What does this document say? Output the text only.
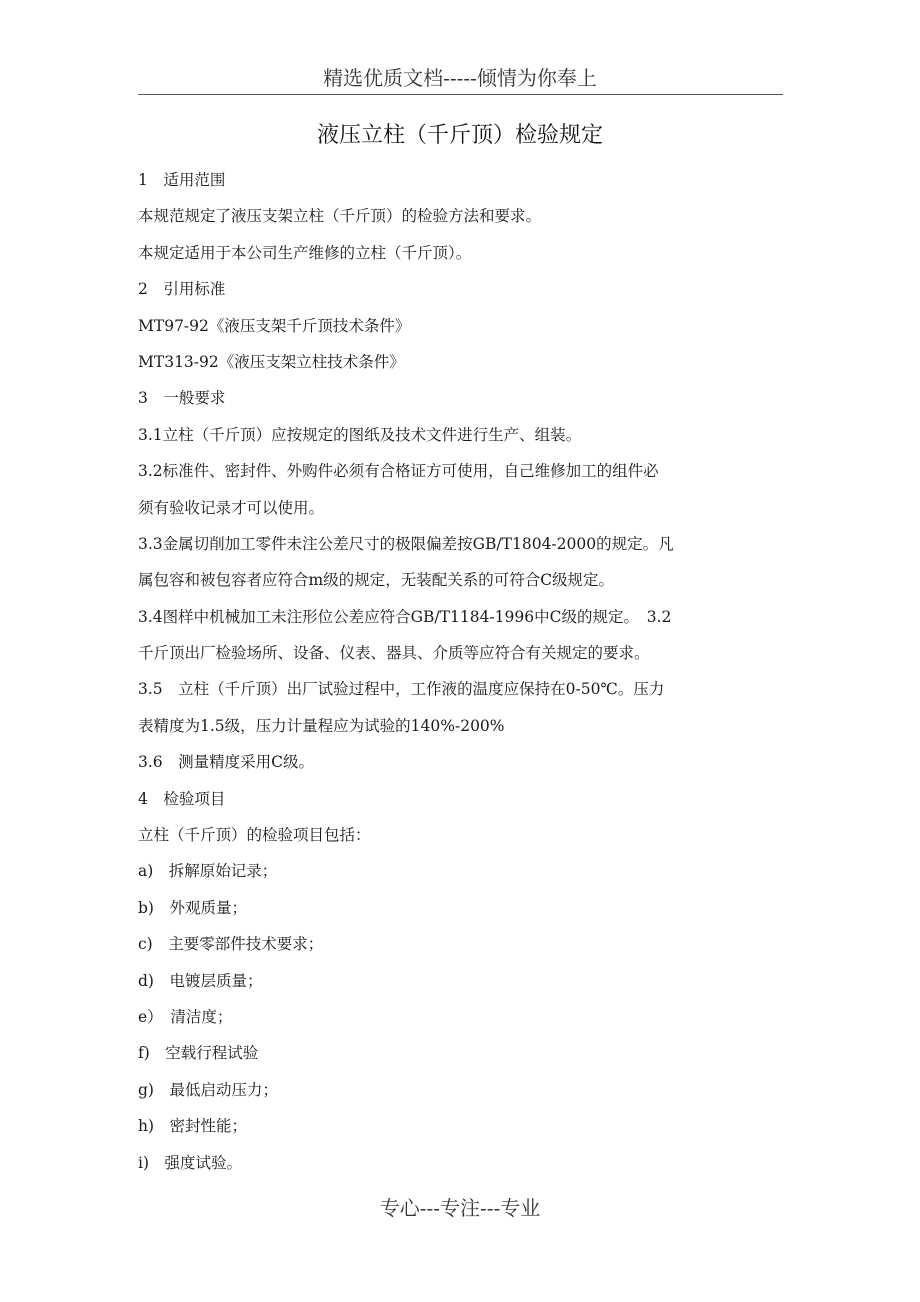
精选优质文档-----倾情为你奉上
液压立柱（千斤顶）检验规定
1　适用范围
本规范规定了液压支架立柱（千斤顶）的检验方法和要求。
本规定适用于本公司生产维修的立柱（千斤顶）。
2　引用标准
MT97-92《液压支架千斤顶技术条件》
MT313-92《液压支架立柱技术条件》
3　一般要求
3.1立柱（千斤顶）应按规定的图纸及技术文件进行生产、组装。
3.2标准件、密封件、外购件必须有合格证方可使用，自己维修加工的组件必
须有验收记录才可以使用。
3.3金属切削加工零件未注公差尺寸的极限偏差按GB/T1804-2000的规定。凡
属包容和被包容者应符合m级的规定，无装配关系的可符合C级规定。
3.4图样中机械加工未注形位公差应符合GB/T1184-1996中C级的规定。　3.2
千斤顶出厂检验场所、设备、仪表、器具、介质等应符合有关规定的要求。
3.5　立柱（千斤顶）出厂试验过程中，工作液的温度应保持在0-50℃。压力
表精度为1.5级，压力计量程应为试验的140%-200%
3.6　测量精度采用C级。
4　检验项目
立柱（千斤顶）的检验项目包括：
a)　拆解原始记录；
b)　外观质量；
c)　主要零部件技术要求；
d)　电镀层质量；
e）　清洁度；
f)　空载行程试验
g)　最低启动压力；
h)　密封性能；
i)　强度试验。
专心---专注---专业
